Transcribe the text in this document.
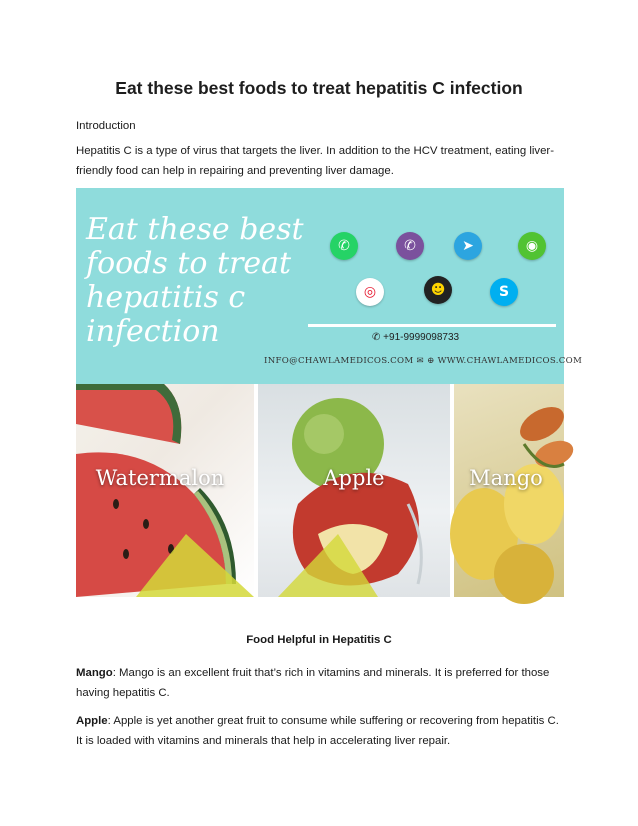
Eat these best foods to treat hepatitis C infection
Introduction
Hepatitis C is a type of virus that targets the liver. In addition to the HCV treatment, eating liver-friendly food can help in repairing and preventing liver damage.
Eat these best
foods to treat
hepatitis c
infection
✆	✆	➤	◉
◎	☻	S
✆ +91-9999098733
INFO@CHAWLAMEDICOS.COM ✉ ⊕ WWW.CHAWLAMEDICOS.COM
Watermalon	Apple	Mango
Food Helpful in Hepatitis C
Mango: Mango is an excellent fruit that’s rich in vitamins and minerals. It is preferred for those having hepatitis C.
Apple: Apple is yet another great fruit to consume while suffering or recovering from hepatitis C. It is loaded with vitamins and minerals that help in accelerating liver repair.
